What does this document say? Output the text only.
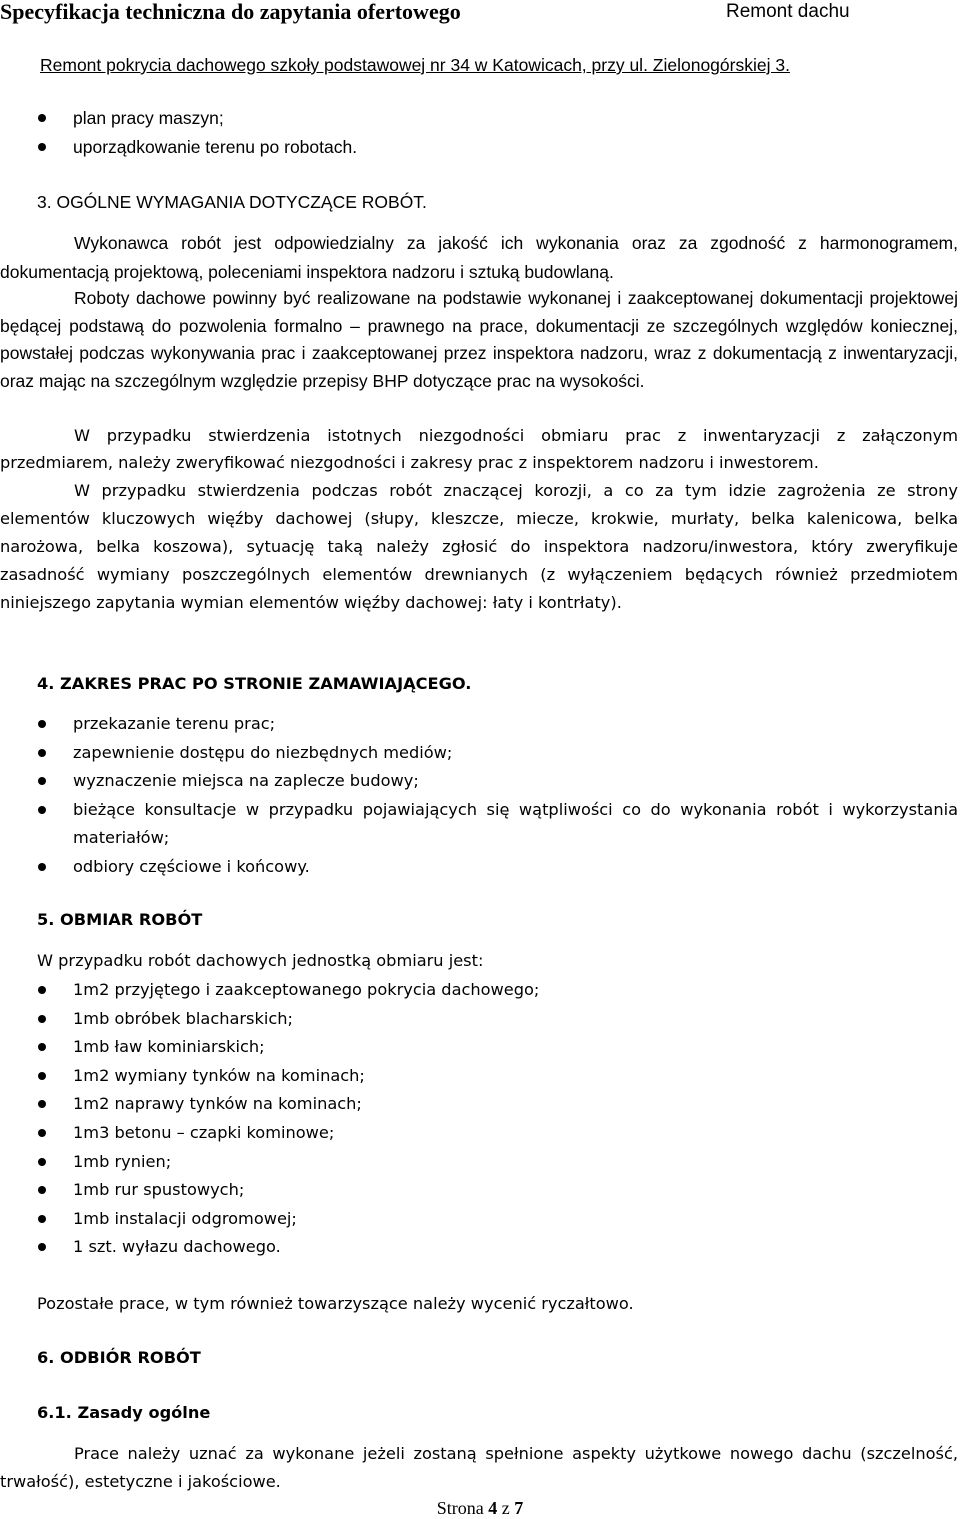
Specyfikacja techniczna do zapytania ofertowego	Remont dachu
Remont pokrycia dachowego szkoły podstawowej nr 34 w Katowicach, przy ul. Zielonogórskiej 3.
plan pracy maszyn;
uporządkowanie terenu po robotach.

3. OGÓLNE WYMAGANIA DOTYCZĄCE ROBÓT.

Wykonawca robót jest odpowiedzialny za jakość ich wykonania oraz za zgodność z harmonogramem, dokumentacją projektową, poleceniami inspektora nadzoru i sztuką budowlaną.

Roboty dachowe powinny być realizowane na podstawie wykonanej i zaakceptowanej dokumentacji projektowej będącej podstawą do pozwolenia formalno – prawnego na prace, dokumentacji ze szczególnych względów koniecznej, powstałej podczas wykonywania prac i zaakceptowanej przez inspektora nadzoru, wraz z dokumentacją z inwentaryzacji, oraz mając na szczególnym względzie przepisy BHP dotyczące prac na wysokości.

W przypadku stwierdzenia istotnych niezgodności obmiaru prac z inwentaryzacji z załączonym przedmiarem, należy zweryfikować niezgodności i zakresy prac z inspektorem nadzoru i inwestorem.

W przypadku stwierdzenia podczas robót znaczącej korozji, a co za tym idzie zagrożenia ze strony elementów kluczowych więźby dachowej (słupy, kleszcze, miecze, krokwie, murłaty, belka kalenicowa, belka narożowa, belka koszowa), sytuację taką należy zgłosić do inspektora nadzoru/inwestora, który zweryfikuje zasadność wymiany poszczególnych elementów drewnianych (z wyłączeniem będących również przedmiotem niniejszego zapytania wymian elementów więźby dachowej: łaty i kontrłaty).

4. ZAKRES PRAC PO STRONIE ZAMAWIAJĄCEGO.

przekazanie terenu prac;
zapewnienie dostępu do niezbędnych mediów;
wyznaczenie miejsca na zaplecze budowy;
bieżące konsultacje w przypadku pojawiających się wątpliwości co do wykonania robót i wykorzystania materiałów;
odbiory częściowe i końcowy.

5. OBMIAR ROBÓT

W przypadku robót dachowych jednostką obmiaru jest:

1m2 przyjętego i zaakceptowanego pokrycia dachowego;
1mb obróbek blacharskich;
1mb ław kominiarskich;
1m2 wymiany tynków na kominach;
1m2 naprawy tynków na kominach;
1m3 betonu – czapki kominowe;
1mb rynien;
1mb rur spustowych;
1mb instalacji odgromowej;
1 szt. wyłazu dachowego.

Pozostałe prace, w tym również towarzyszące należy wycenić ryczałtowo.

6. ODBIÓR ROBÓT

6.1. Zasady ogólne

Prace należy uznać za wykonane jeżeli zostaną spełnione aspekty użytkowe nowego dachu (szczelność, trwałość), estetyczne i jakościowe.

Strona 4 z 7
